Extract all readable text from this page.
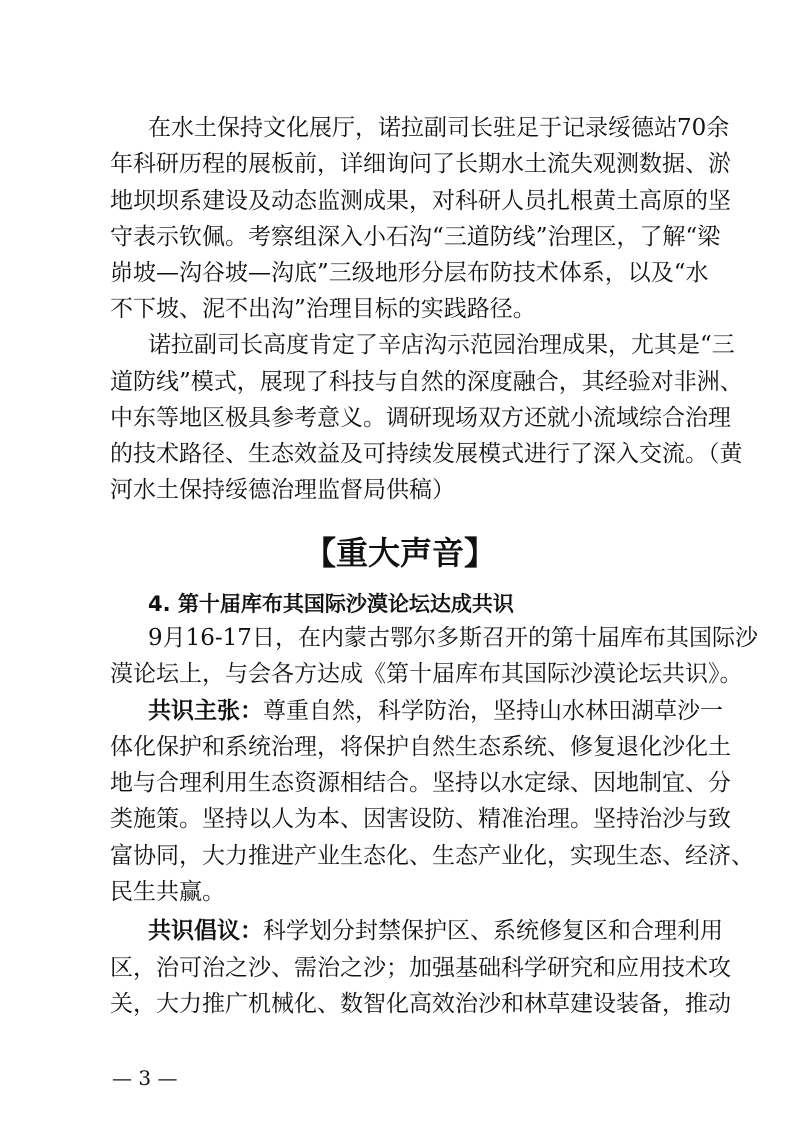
在水土保持文化展厅，诺拉副司长驻足于记录绥德站70余
年科研历程的展板前，详细询问了长期水土流失观测数据、淤
地坝坝系建设及动态监测成果，对科研人员扎根黄土高原的坚
守表示钦佩。考察组深入小石沟“三道防线”治理区，了解“梁
峁坡—沟谷坡—沟底”三级地形分层布防技术体系，以及“水
不下坡、泥不出沟”治理目标的实践路径。
诺拉副司长高度肯定了辛店沟示范园治理成果，尤其是“三
道防线”模式，展现了科技与自然的深度融合，其经验对非洲、
中东等地区极具参考意义。调研现场双方还就小流域综合治理
的技术路径、生态效益及可持续发展模式进行了深入交流。（黄
河水土保持绥德治理监督局供稿）
【重大声音】
4. 第十届库布其国际沙漠论坛达成共识
9月16-17日，在内蒙古鄂尔多斯召开的第十届库布其国际沙
漠论坛上，与会各方达成《第十届库布其国际沙漠论坛共识》。
共识主张：尊重自然，科学防治，坚持山水林田湖草沙一
体化保护和系统治理，将保护自然生态系统、修复退化沙化土
地与合理利用生态资源相结合。坚持以水定绿、因地制宜、分
类施策。坚持以人为本、因害设防、精准治理。坚持治沙与致
富协同，大力推进产业生态化、生态产业化，实现生态、经济、
民生共赢。
共识倡议：科学划分封禁保护区、系统修复区和合理利用
区，治可治之沙、需治之沙；加强基础科学研究和应用技术攻
关，大力推广机械化、数智化高效治沙和林草建设装备，推动
— 3 —
